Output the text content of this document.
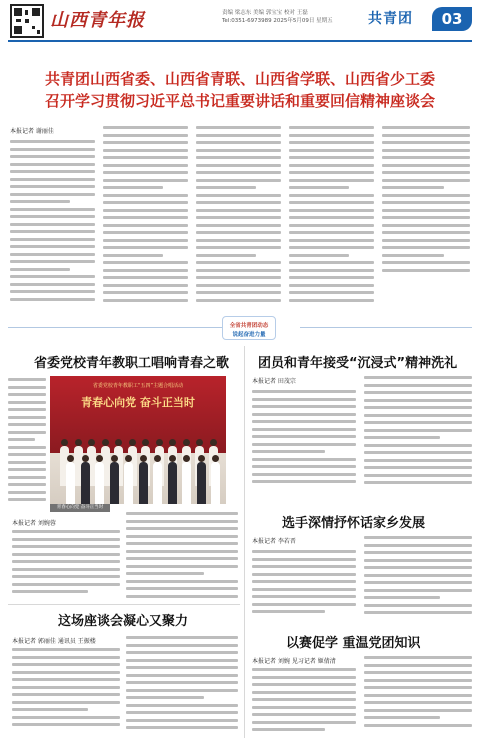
山西青年报	责编 梁志东 美编 郭宝宝 校对 王磊
Tel:0351-6973989 2025年5月09日 星期五	共青团	03
共青团山西省委、山西省青联、山西省学联、山西省少工委
召开学习贯彻习近平总书记重要讲话和重要回信精神座谈会
本报记者 谢丽佳
全省共青团动态
说起奋进力量
省委党校青年教职工唱响青春之歌
省委党校青年教职工“五四”主题合唱活动
青春心向党 奋斗正当时
青春心向党 奋斗正当时
本报记者 刘婉蓉
这场座谈会凝心又聚力
本报记者 郭丽佳 通讯员 王振楼
团员和青年接受“沉浸式”精神洗礼
本报记者 田茂宗
选手深情抒怀话家乡发展
本报记者 李若晋
以赛促学 重温党团知识
本报记者 刘婉 见习记者 姬倩清
